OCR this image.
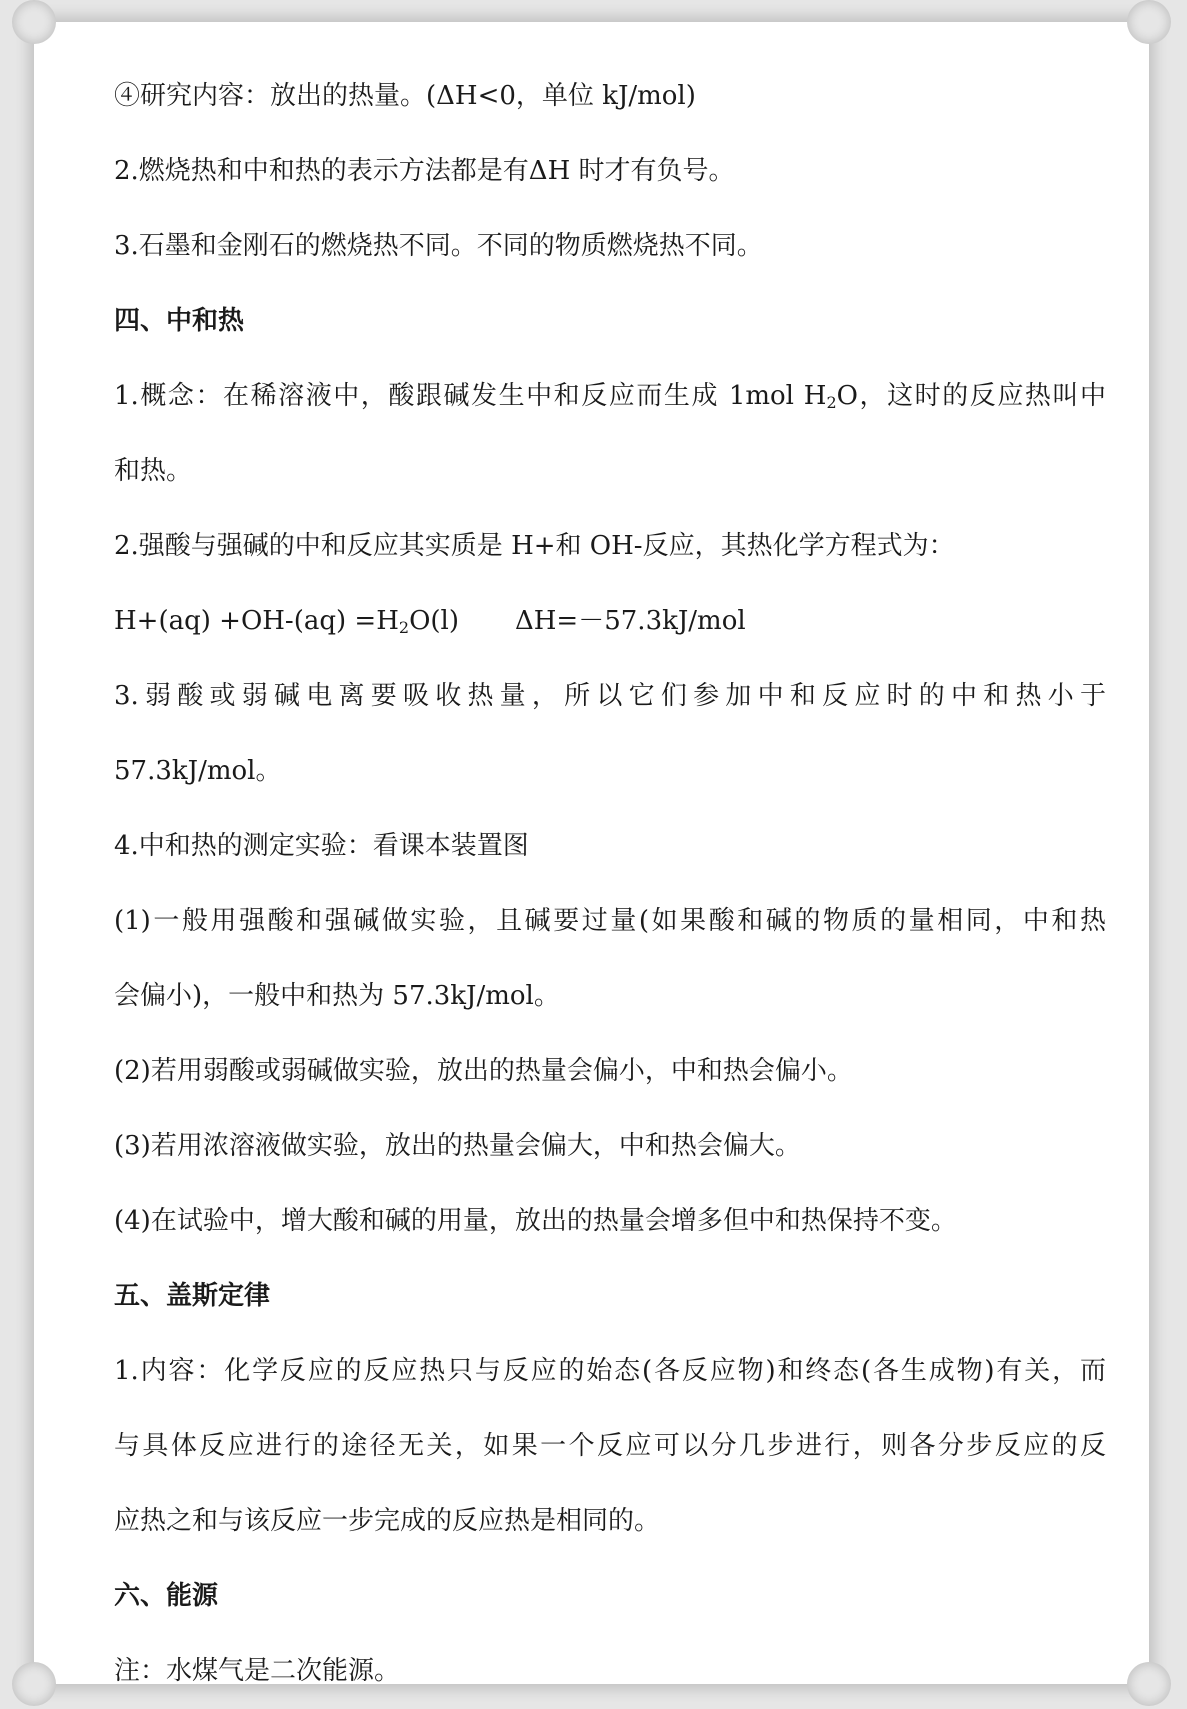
④研究内容：放出的热量。(ΔH<0，单位 kJ/mol)
2.燃烧热和中和热的表示方法都是有ΔH 时才有负号。
3.石墨和金刚石的燃烧热不同。不同的物质燃烧热不同。
四、中和热
1.概念：在稀溶液中，酸跟碱发生中和反应而生成 1mol $H_2O$，这时的反应热叫中
和热。
2.强酸与强碱的中和反应其实质是 H+和 OH-反应，其热化学方程式为：
$H+(aq) +OH-(aq) =H_2O(l)$ ΔH=－57.3kJ/mol
3.弱酸或弱碱电离要吸收热量，所以它们参加中和反应时的中和热小于
57.3kJ/mol。
4.中和热的测定实验：看课本装置图
(1)一般用强酸和强碱做实验，且碱要过量(如果酸和碱的物质的量相同，中和热
会偏小)，一般中和热为 57.3kJ/mol。
(2)若用弱酸或弱碱做实验，放出的热量会偏小，中和热会偏小。
(3)若用浓溶液做实验，放出的热量会偏大，中和热会偏大。
(4)在试验中，增大酸和碱的用量，放出的热量会增多但中和热保持不变。
五、盖斯定律
1.内容：化学反应的反应热只与反应的始态(各反应物)和终态(各生成物)有关，而
与具体反应进行的途径无关，如果一个反应可以分几步进行，则各分步反应的反
应热之和与该反应一步完成的反应热是相同的。
六、能源
注：水煤气是二次能源。
